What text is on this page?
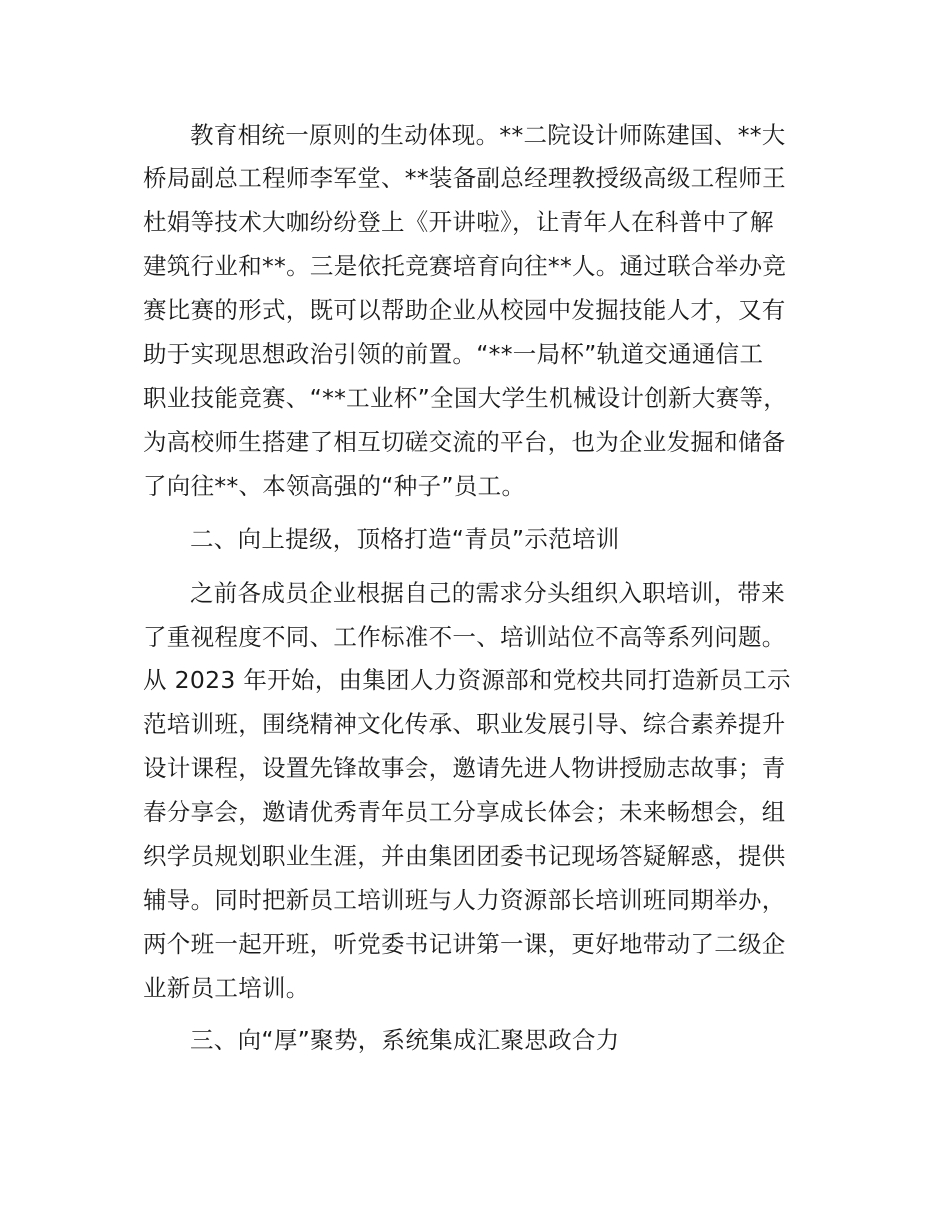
教育相统一原则的生动体现。**二院设计师陈建国、**大
桥局副总工程师李军堂、**装备副总经理教授级高级工程师王
杜娟等技术大咖纷纷登上《开讲啦》，让青年人在科普中了解
建筑行业和**。三是依托竞赛培育向往**人。通过联合举办竞
赛比赛的形式，既可以帮助企业从校园中发掘技能人才，又有
助于实现思想政治引领的前置。“**一局杯”轨道交通通信工
职业技能竞赛、“**工业杯”全国大学生机械设计创新大赛等，
为高校师生搭建了相互切磋交流的平台，也为企业发掘和储备
了向往**、本领高强的“种子”员工。
二、向上提级，顶格打造“青员”示范培训
之前各成员企业根据自己的需求分头组织入职培训，带来
了重视程度不同、工作标准不一、培训站位不高等系列问题。
从 2023 年开始，由集团人力资源部和党校共同打造新员工示
范培训班，围绕精神文化传承、职业发展引导、综合素养提升
设计课程，设置先锋故事会，邀请先进人物讲授励志故事；青
春分享会，邀请优秀青年员工分享成长体会；未来畅想会，组
织学员规划职业生涯，并由集团团委书记现场答疑解惑，提供
辅导。同时把新员工培训班与人力资源部长培训班同期举办，
两个班一起开班，听党委书记讲第一课，更好地带动了二级企
业新员工培训。
三、向“厚”聚势，系统集成汇聚思政合力
